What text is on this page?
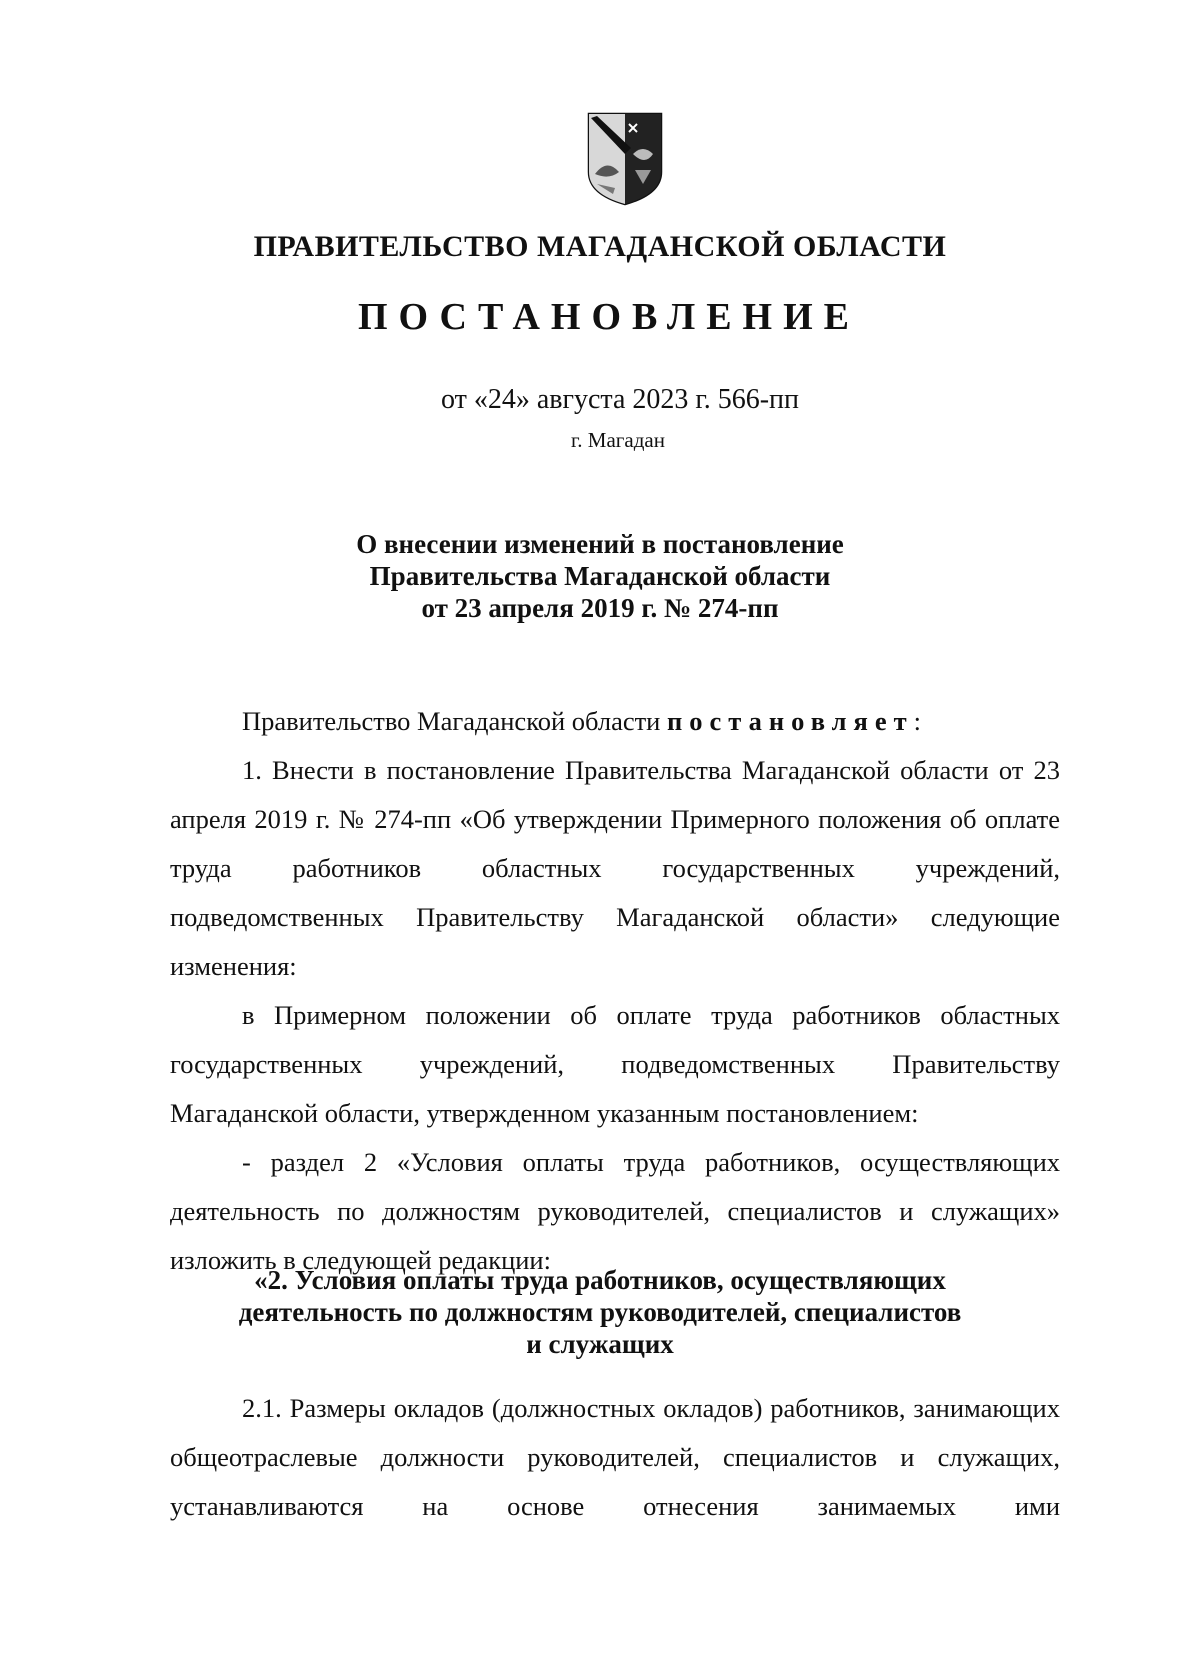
ПРАВИТЕЛЬСТВО МАГАДАНСКОЙ ОБЛАСТИ
ПОСТАНОВЛЕНИЕ
от «24» августа 2023 г. 566-пп
г. Магадан
О внесении изменений в постановление
Правительства Магаданской области
от 23 апреля 2019 г. № 274-пп

Правительство Магаданской области постановляет:

1. Внести в постановление Правительства Магаданской области от 23 апреля 2019 г. № 274-пп «Об утверждении Примерного положения об оплате труда работников областных государственных учреждений, подведомственных Правительству Магаданской области» следующие изменения:

в Примерном положении об оплате труда работников областных государственных учреждений, подведомственных Правительству Магаданской области, утвержденном указанным постановлением:

- раздел 2 «Условия оплаты труда работников, осуществляющих деятельность по должностям руководителей, специалистов и служащих» изложить в следующей редакции:

«2. Условия оплаты труда работников, осуществляющих
деятельность по должностям руководителей, специалистов
и служащих

2.1. Размеры окладов (должностных окладов) работников, занимающих общеотраслевые должности руководителей, специалистов и служащих, устанавливаются на основе отнесения занимаемых ими
